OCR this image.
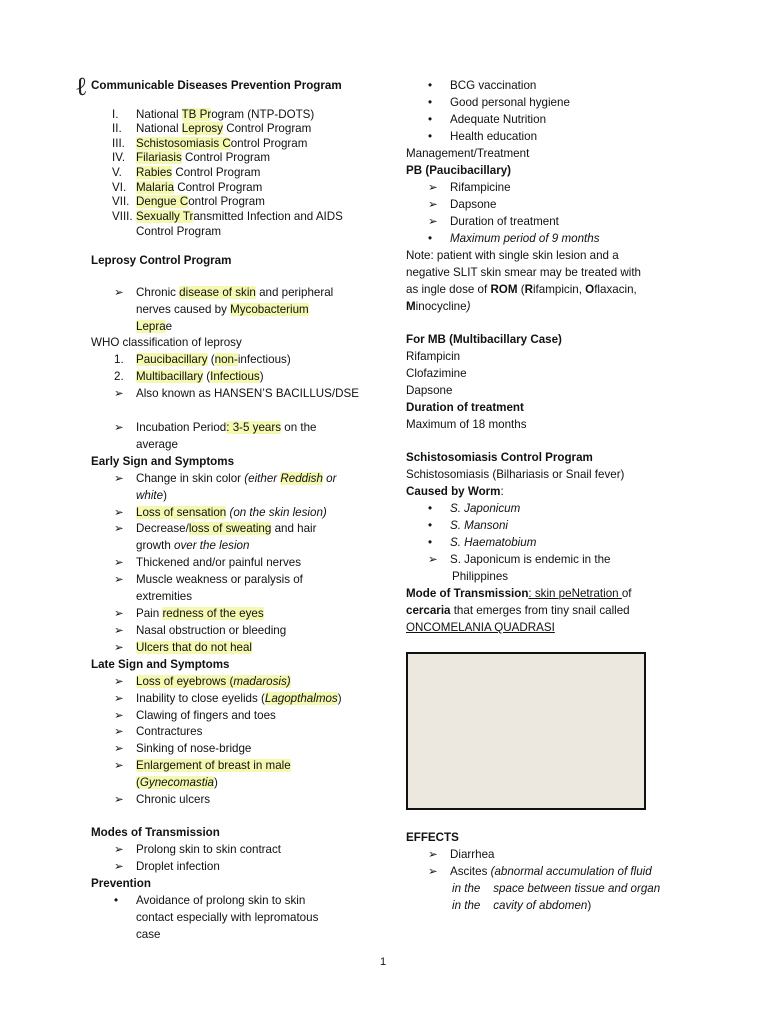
ℓ Communicable Diseases Prevention Program
I. National TB Program (NTP-DOTS)
II. National Leprosy Control Program
III. Schistosomiasis Control Program
IV. Filariasis Control Program
V. Rabies Control Program
VI. Malaria Control Program
VII. Dengue Control Program
VIII. Sexually Transmitted Infection and AIDS
Control Program
Leprosy Control Program
➢ Chronic disease of skin and peripheral
nerves caused by Mycobacterium
Leprae
WHO classification of leprosy
1. Paucibacillary (non-infectious)
2. Multibacillary (Infectious)
➢ Also known as HANSEN’S BACILLUS/DSE
➢ Incubation Period: 3-5 years on the
average
Early Sign and Symptoms
➢ Change in skin color (either Reddish or
white)
➢ Loss of sensation (on the skin lesion)
➢ Decrease/loss of sweating and hair
growth over the lesion
➢ Thickened and/or painful nerves
➢ Muscle weakness or paralysis of
extremities
➢ Pain redness of the eyes
➢ Nasal obstruction or bleeding
➢ Ulcers that do not heal
Late Sign and Symptoms
➢ Loss of eyebrows (madarosis)
➢ Inability to close eyelids (Lagopthalmos)
➢ Clawing of fingers and toes
➢ Contractures
➢ Sinking of nose-bridge
➢ Enlargement of breast in male
(Gynecomastia)
➢ Chronic ulcers
Modes of Transmission
➢ Prolong skin to skin contract
➢ Droplet infection
Prevention
• Avoidance of prolong skin to skin
contact especially with lepromatous
case
• BCG vaccination
• Good personal hygiene
• Adequate Nutrition
• Health education
Management/Treatment
PB (Paucibacillary)
➢ Rifampicine
➢ Dapsone
➢ Duration of treatment
• Maximum period of 9 months
Note: patient with single skin lesion and a
negative SLIT skin smear may be treated with
as ingle dose of ROM (Rifampicin, Oflaxacin,
Minocycline)
For MB (Multibacillary Case)
Rifampicin
Clofazimine
Dapsone
Duration of treatment
Maximum of 18 months
Schistosomiasis Control Program
Schistosomiasis (Bilhariasis or Snail fever)
Caused by Worm:
• S. Japonicum
• S. Mansoni
• S. Haematobium
➢ S. Japonicum is endemic in the
Philippines
Mode of Transmission: skin peNetration of
cercaria that emerges from tiny snail called
ONCOMELANIA QUADRASI
EFFECTS
➢ Diarrhea
➢ Ascites (abnormal accumulation of fluid
in the    space between tissue and organ
in the    cavity of abdomen)
1
